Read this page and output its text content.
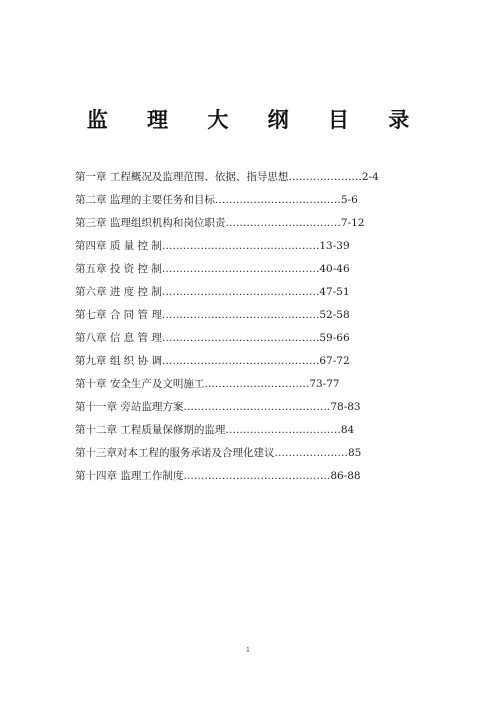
监 理 大 纲 目 录
第一章 工程概况及监理范围、依据、指导思想…………………2-4
第二章 监理的主要任务和目标………………………………5-6
第三章 监理组织机构和岗位职责……………………………7-12
第四章 质 量 控 制………………………………………13-39
第五章 投 资 控 制………………………………………40-46
第六章 进 度 控 制………………………………………47-51
第七章 合 同 管 理………………………………………52-58
第八章 信 息 管 理………………………………………59-66
第九章 组 织 协 调………………………………………67-72
第十章 安全生产及文明施工…………………………73-77
第十一章 旁站监理方案……………………………………78-83
第十二章 工程质量保修期的监理……………………………84
第十三章对本工程的服务承诺及合理化建议…………………85
第十四章 监理工作制度……………………………………86-88
1
